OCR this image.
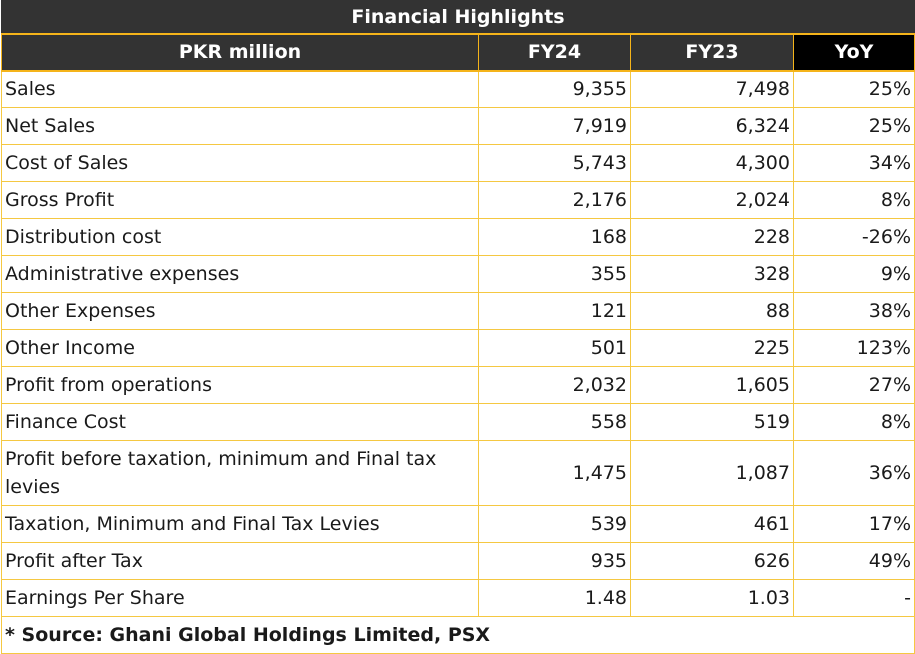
Financial Highlights			
PKR million	FY24	FY23	YoY
Sales	9,355	7,498	25%
Net Sales	7,919	6,324	25%
Cost of Sales	5,743	4,300	34%
Gross Profit	2,176	2,024	8%
Distribution cost	168	228	-26%
Administrative expenses	355	328	9%
Other Expenses	121	88	38%
Other Income	501	225	123%
Profit from operations	2,032	1,605	27%
Finance Cost	558	519	8%
Profit before taxation, minimum and Final tax levies	1,475	1,087	36%
Taxation, Minimum and Final Tax Levies	539	461	17%
Profit after Tax	935	626	49%
Earnings Per Share	1.48	1.03	-
* Source: Ghani Global Holdings Limited, PSX			
